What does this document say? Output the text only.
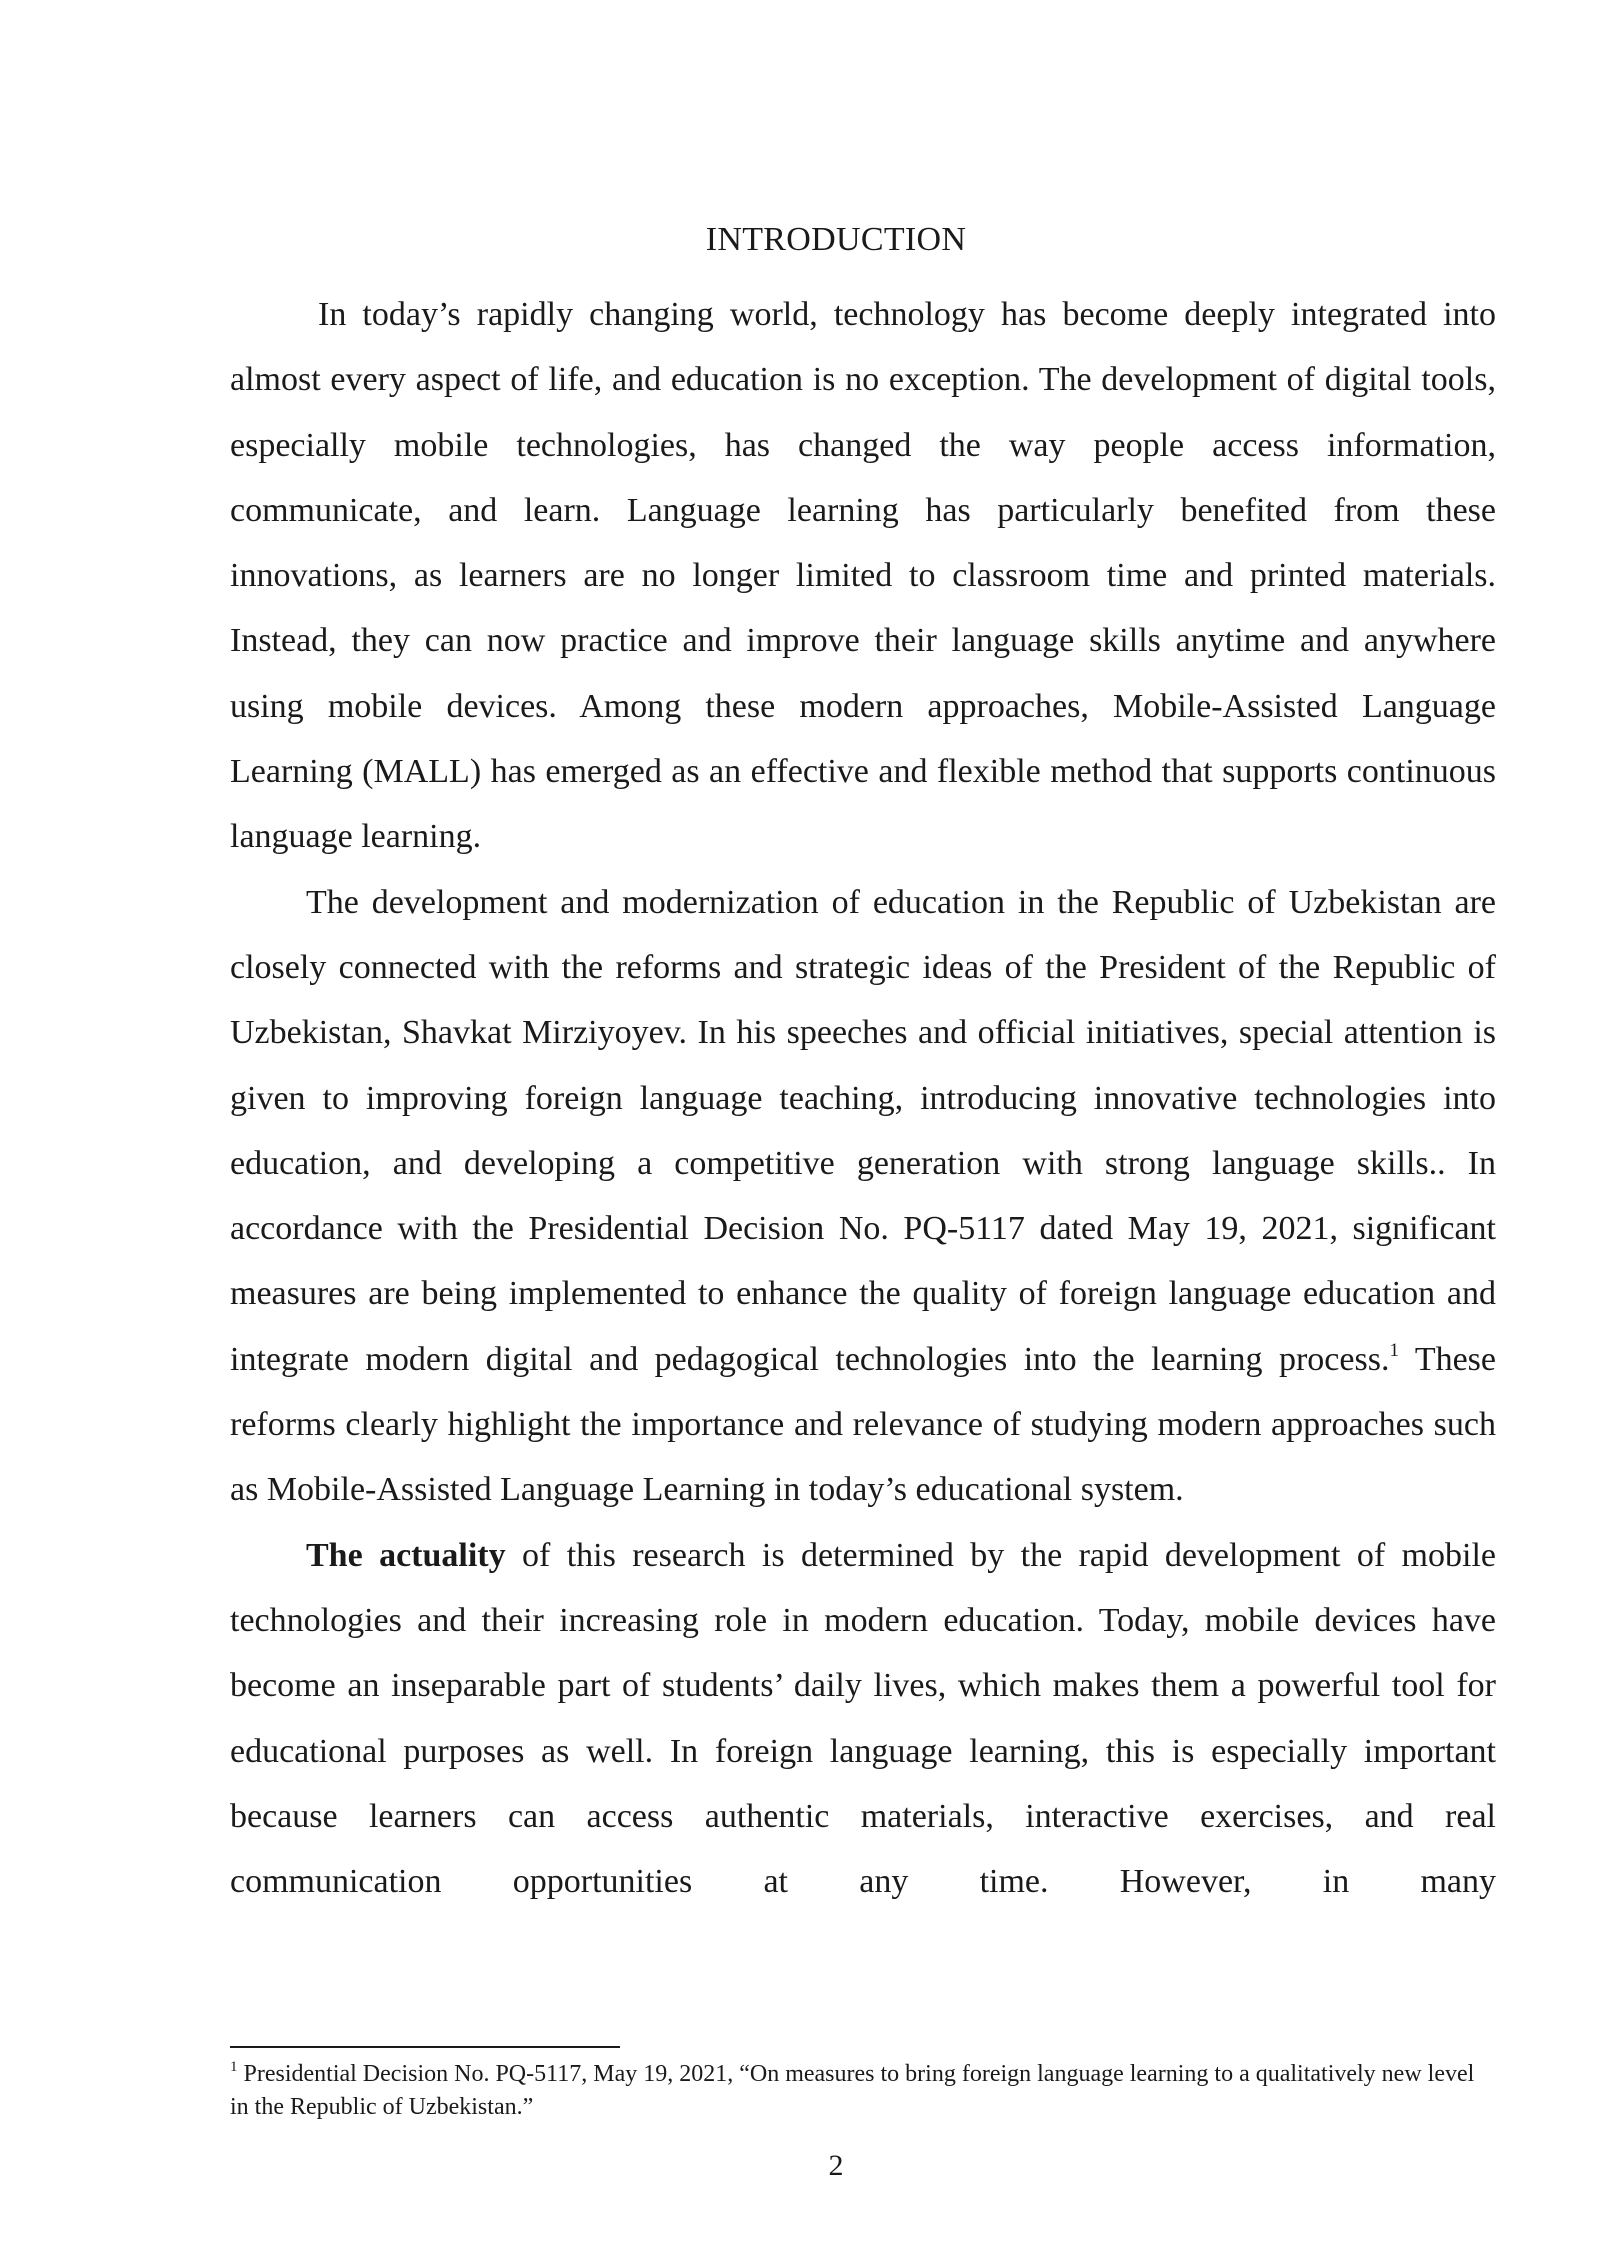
INTRODUCTION

In today’s rapidly changing world, technology has become deeply integrated into almost every aspect of life, and education is no exception. The development of digital tools, especially mobile technologies, has changed the way people access information, communicate, and learn. Language learning has particularly benefited from these innovations, as learners are no longer limited to classroom time and printed materials. Instead, they can now practice and improve their language skills anytime and anywhere using mobile devices. Among these modern approaches, Mobile-Assisted Language Learning (MALL) has emerged as an effective and flexible method that supports continuous language learning.

The development and modernization of education in the Republic of Uzbekistan are closely connected with the reforms and strategic ideas of the President of the Republic of Uzbekistan, Shavkat Mirziyoyev. In his speeches and official initiatives, special attention is given to improving foreign language teaching, introducing innovative technologies into education, and developing a competitive generation with strong language skills.. In accordance with the Presidential Decision No. PQ-5117 dated May 19, 2021, significant measures are being implemented to enhance the quality of foreign language education and integrate modern digital and pedagogical technologies into the learning process.$^1$ These reforms clearly highlight the importance and relevance of studying modern approaches such as Mobile-Assisted Language Learning in today’s educational system.

The actuality of this research is determined by the rapid development of mobile technologies and their increasing role in modern education. Today, mobile devices have become an inseparable part of students’ daily lives, which makes them a powerful tool for educational purposes as well. In foreign language learning, this is especially important because learners can access authentic materials, interactive exercises, and real communication opportunities at any time. However, in many

$^1$ Presidential Decision No. PQ-5117, May 19, 2021, “On measures to bring foreign language learning to a qualitatively new level in the Republic of Uzbekistan.”
2
